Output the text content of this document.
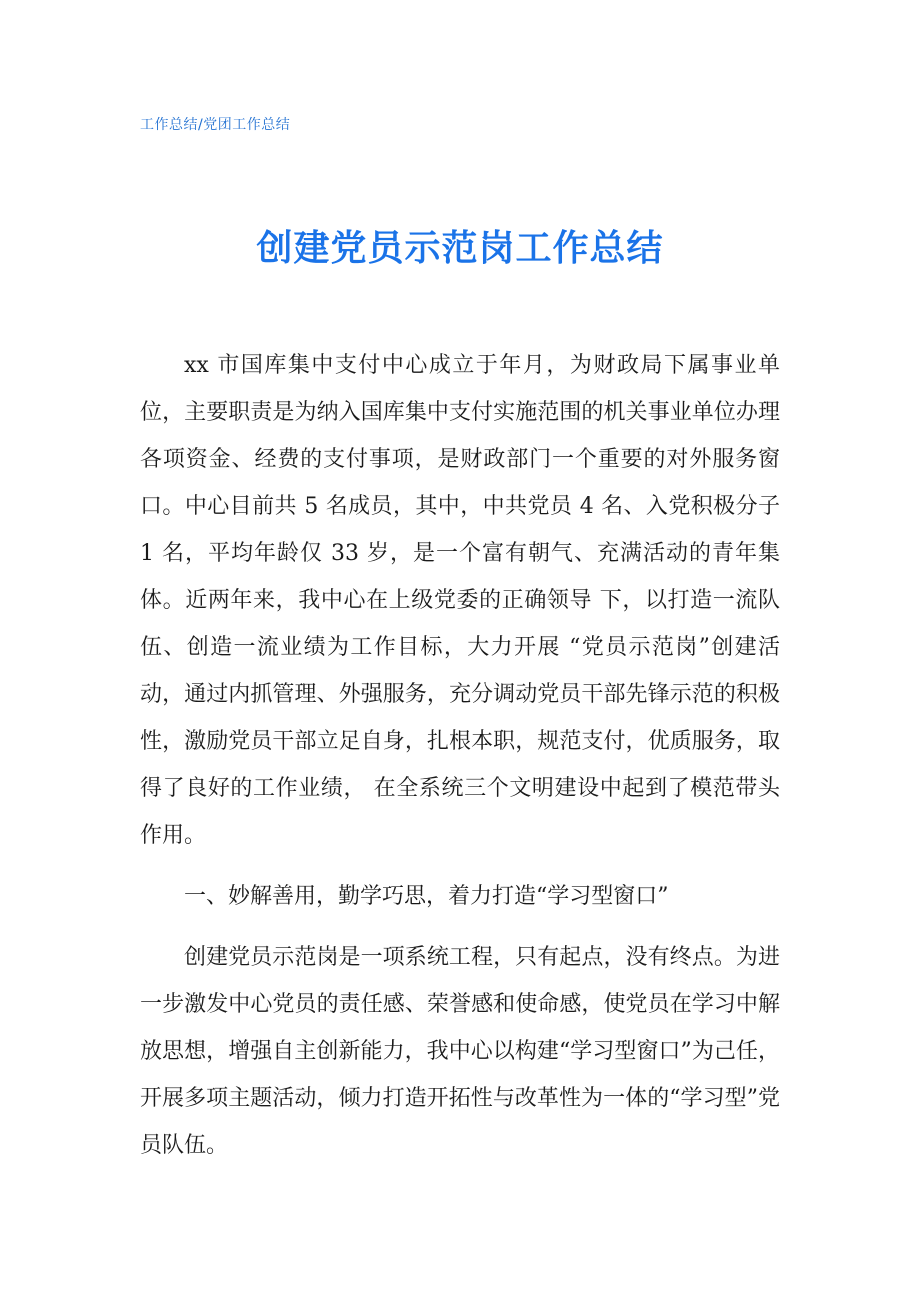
工作总结/党团工作总结
创建党员示范岗工作总结

xx 市国库集中支付中心成立于年月，为财政局下属事业单位，主要职责是为纳入国库集中支付实施范围的机关事业单位办理各项资金、经费的支付事项，是财政部门一个重要的对外服务窗口。中心目前共 5 名成员，其中，中共党员 4 名、入党积极分子 1 名，平均年龄仅 33 岁，是一个富有朝气、充满活动的青年集体。近两年来，我中心在上级党委的正确领导 下，以打造一流队伍、创造一流业绩为工作目标，大力开展 “党员示范岗”创建活动，通过内抓管理、外强服务，充分调动党员干部先锋示范的积极性，激励党员干部立足自身，扎根本职，规范支付，优质服务，取得了良好的工作业绩， 在全系统三个文明建设中起到了模范带头作用。

一、妙解善用，勤学巧思，着力打造“学习型窗口”

创建党员示范岗是一项系统工程，只有起点，没有终点。为进一步激发中心党员的责任感、荣誉感和使命感，使党员在学习中解放思想，增强自主创新能力，我中心以构建“学习型窗口”为己任，开展多项主题活动，倾力打造开拓性与改革性为一体的“学习型”党员队伍。
